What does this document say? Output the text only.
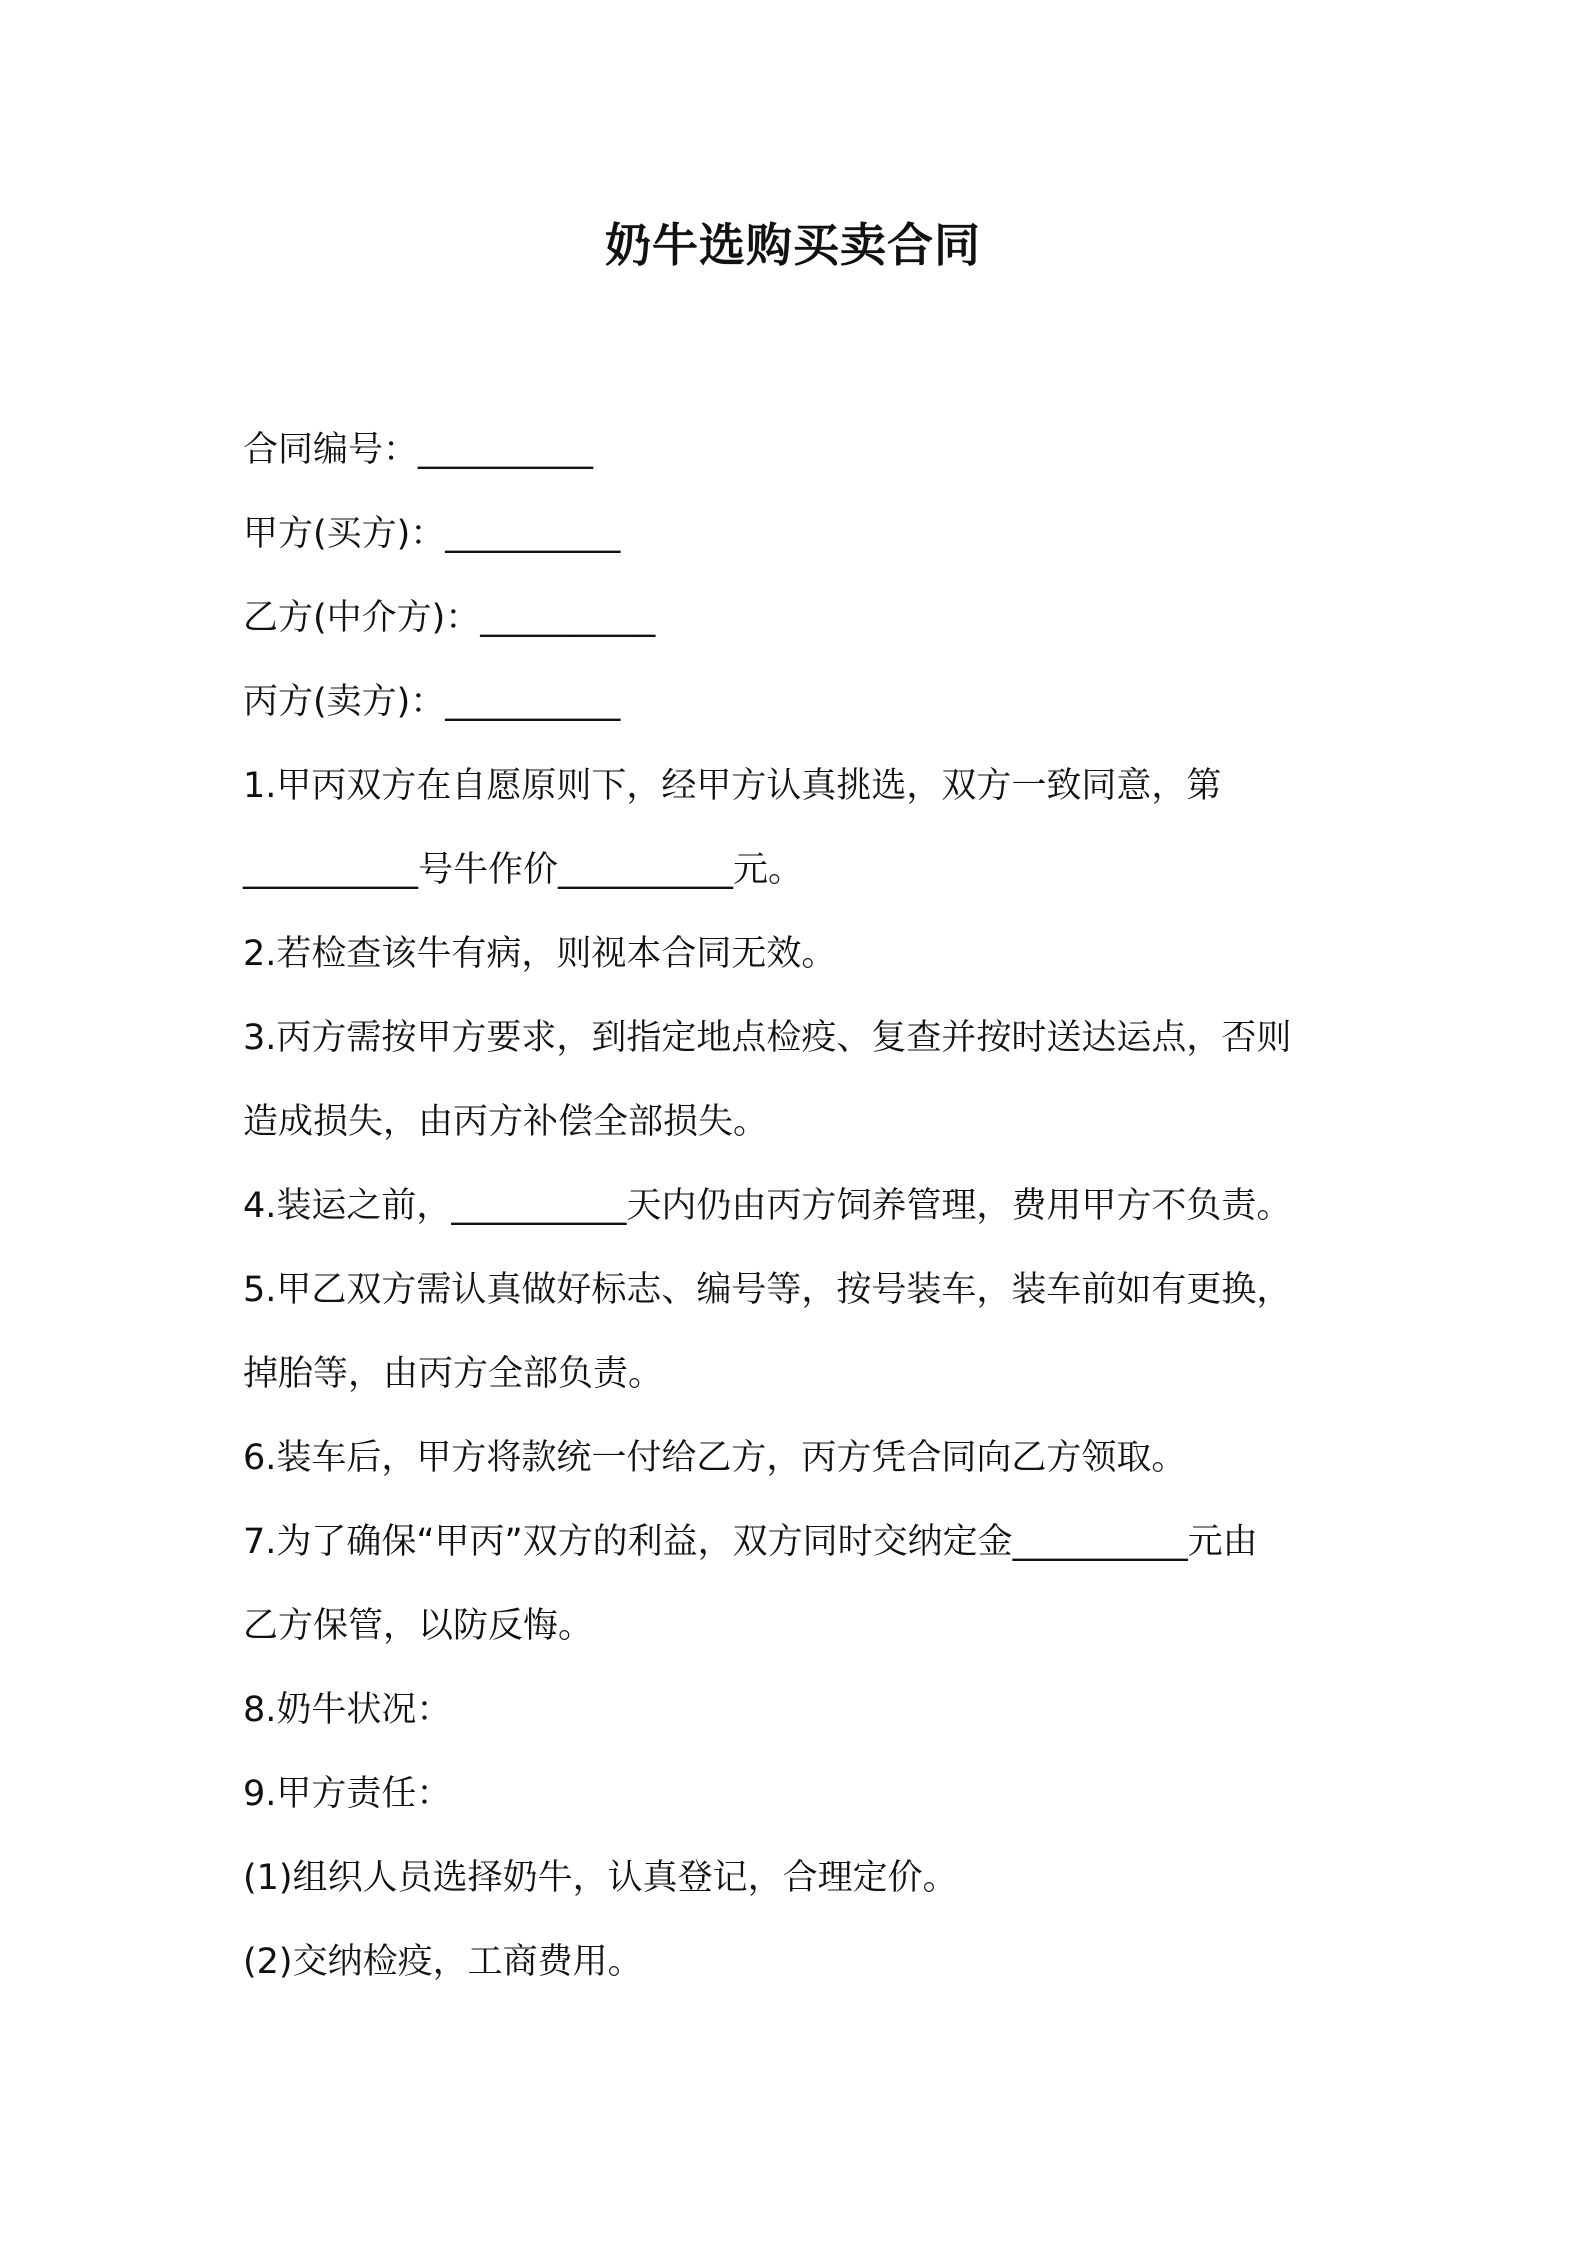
奶牛选购买卖合同
合同编号：__________
甲方(买方)：__________
乙方(中介方)：__________
丙方(卖方)：__________
1.甲丙双方在自愿原则下，经甲方认真挑选，双方一致同意，第
__________号牛作价__________元。
2.若检查该牛有病，则视本合同无效。
3.丙方需按甲方要求，到指定地点检疫、复查并按时送达运点，否则
造成损失，由丙方补偿全部损失。
4.装运之前，__________天内仍由丙方饲养管理，费用甲方不负责。
5.甲乙双方需认真做好标志、编号等，按号装车，装车前如有更换，
掉胎等，由丙方全部负责。
6.装车后，甲方将款统一付给乙方，丙方凭合同向乙方领取。
7.为了确保“甲丙”双方的利益，双方同时交纳定金__________元由
乙方保管，以防反悔。
8.奶牛状况：
9.甲方责任：
(1)组织人员选择奶牛，认真登记，合理定价。
(2)交纳检疫，工商费用。
